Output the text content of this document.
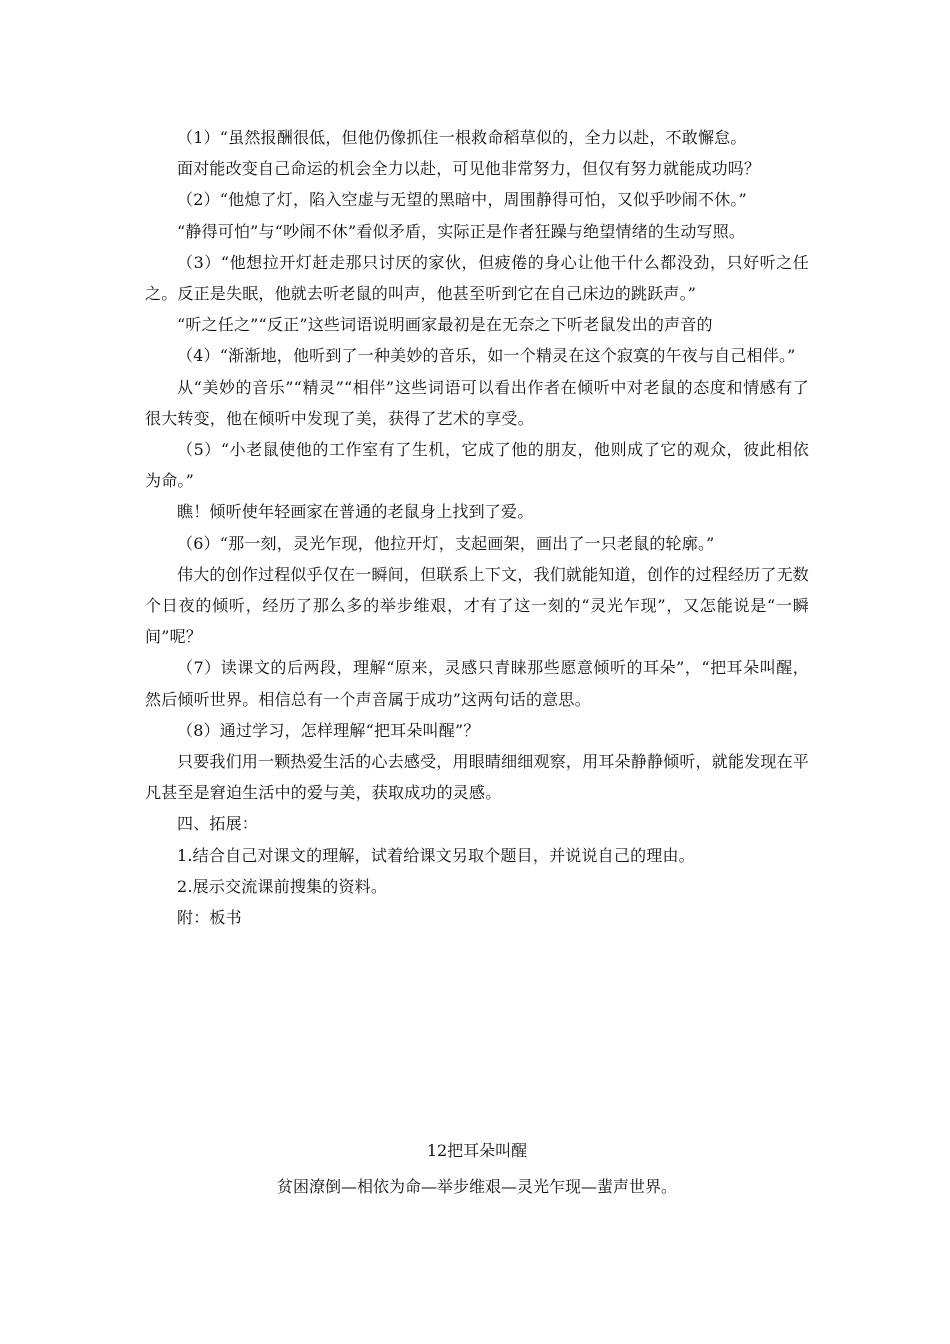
（1）“虽然报酬很低，但他仍像抓住一根救命稻草似的，全力以赴，不敢懈怠。

面对能改变自己命运的机会全力以赴，可见他非常努力，但仅有努力就能成功吗？

（2）“他熄了灯，陷入空虚与无望的黑暗中，周围静得可怕，又似乎吵闹不休。”

“静得可怕”与“吵闹不休”看似矛盾，实际正是作者狂躁与绝望情绪的生动写照。

（3）“他想拉开灯赶走那只讨厌的家伙，但疲倦的身心让他干什么都没劲，只好听之任之。反正是失眠，他就去听老鼠的叫声，他甚至听到它在自己床边的跳跃声。”

“听之任之”“反正”这些词语说明画家最初是在无奈之下听老鼠发出的声音的

（4）“渐渐地，他听到了一种美妙的音乐，如一个精灵在这个寂寞的午夜与自己相伴。”

从“美妙的音乐”“精灵”“相伴”这些词语可以看出作者在倾听中对老鼠的态度和情感有了很大转变，他在倾听中发现了美，获得了艺术的享受。

（5）“小老鼠使他的工作室有了生机，它成了他的朋友，他则成了它的观众，彼此相依为命。”

瞧！倾听使年轻画家在普通的老鼠身上找到了爱。

（6）“那一刻，灵光乍现，他拉开灯，支起画架，画出了一只老鼠的轮廓。”

伟大的创作过程似乎仅在一瞬间，但联系上下文，我们就能知道，创作的过程经历了无数个日夜的倾听，经历了那么多的举步维艰，才有了这一刻的“灵光乍现”，又怎能说是“一瞬间”呢？

（7）读课文的后两段，理解“原来，灵感只青睐那些愿意倾听的耳朵”，“把耳朵叫醒，然后倾听世界。相信总有一个声音属于成功”这两句话的意思。

（8）通过学习，怎样理解“把耳朵叫醒”？

只要我们用一颗热爱生活的心去感受，用眼睛细细观察，用耳朵静静倾听，就能发现在平凡甚至是窘迫生活中的爱与美，获取成功的灵感。

四、拓展：

1.结合自己对课文的理解，试着给课文另取个题目，并说说自己的理由。

2.展示交流课前搜集的资料。

附：板书

12把耳朵叫醒

贫困潦倒—相依为命—举步维艰—灵光乍现—蜚声世界。
